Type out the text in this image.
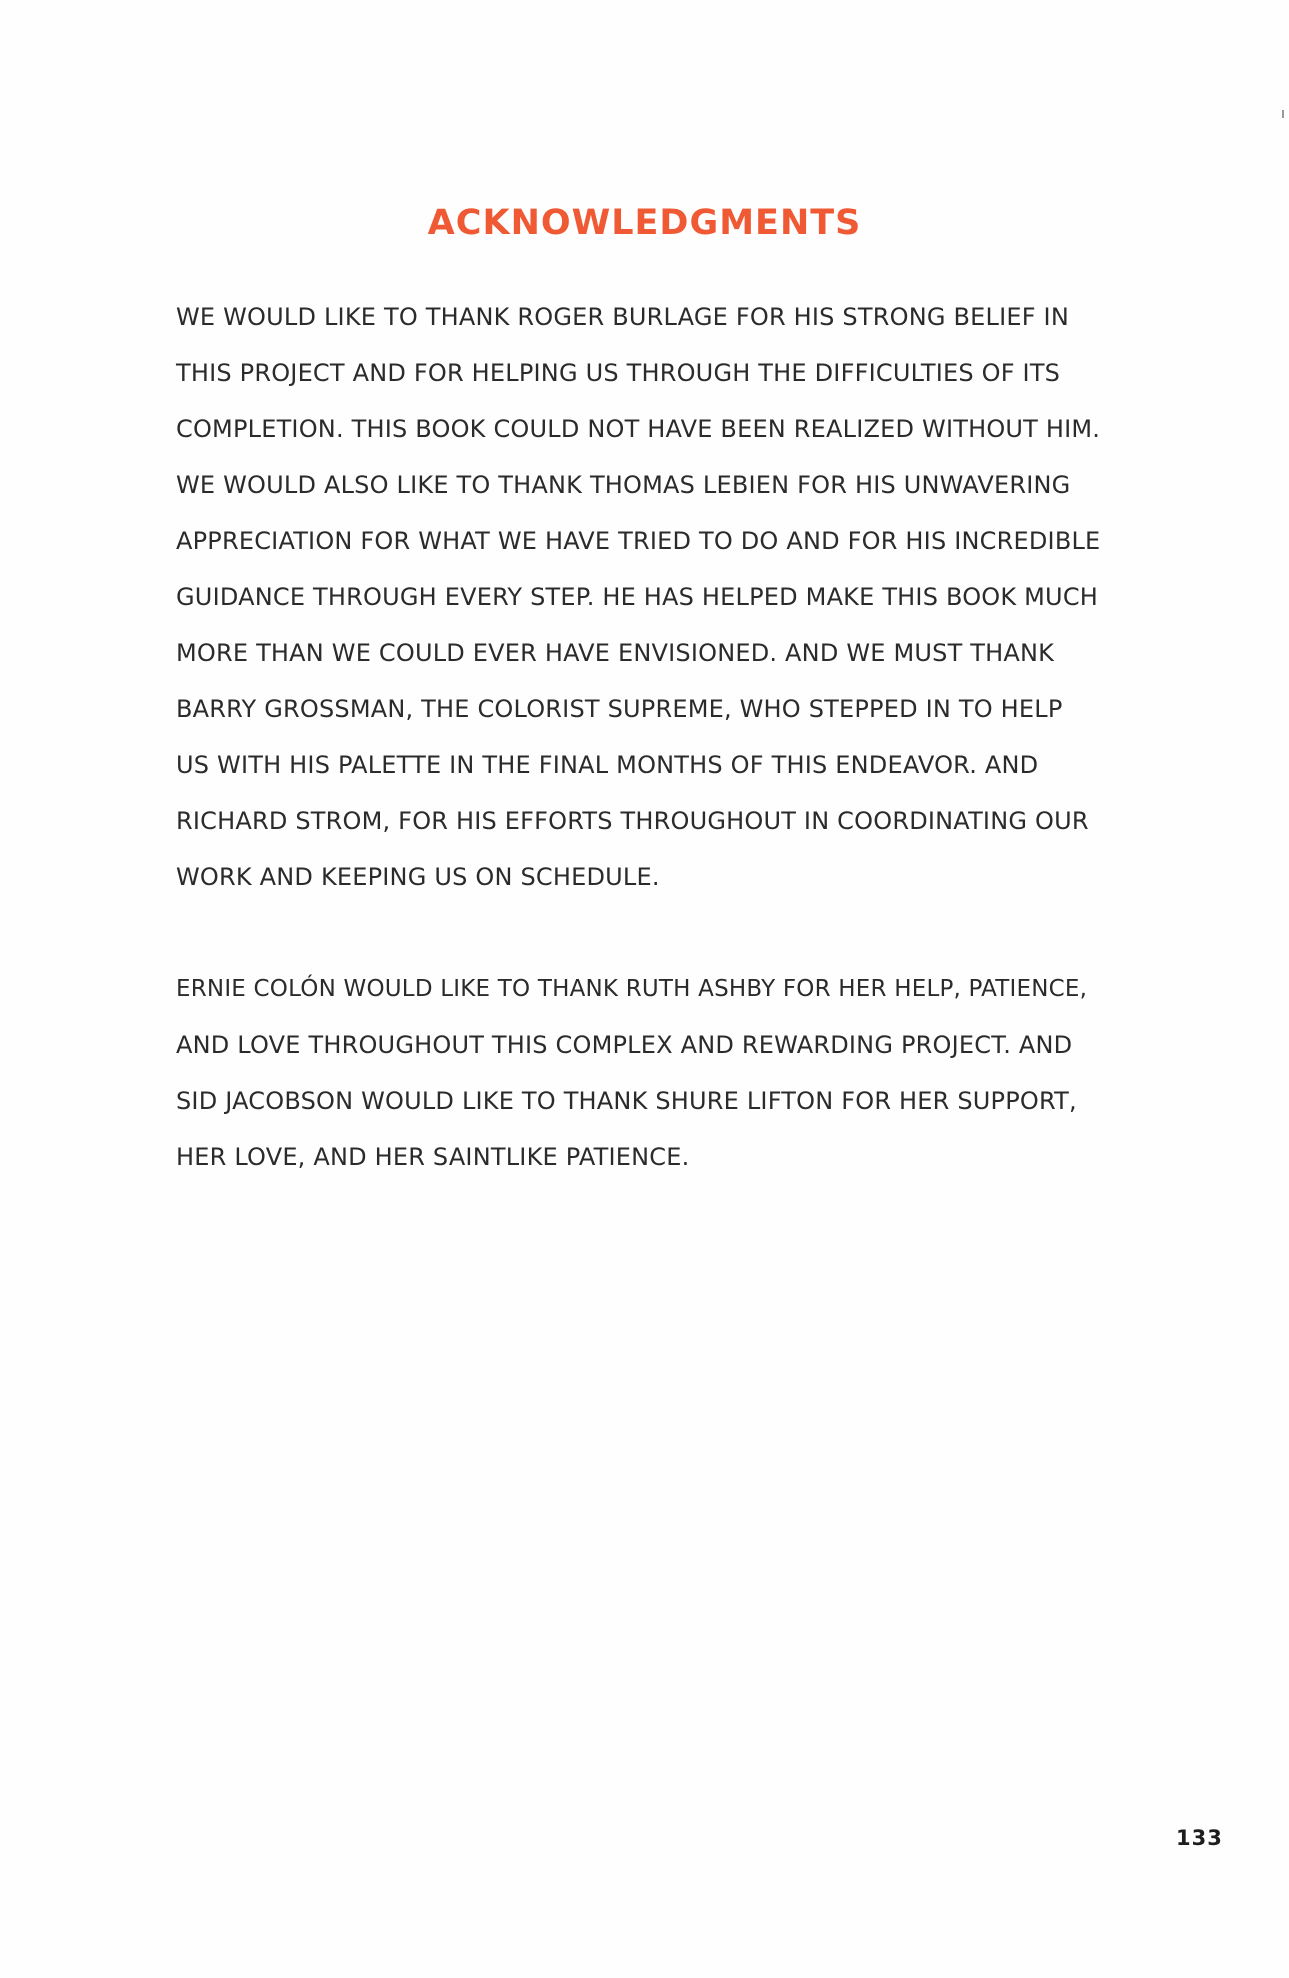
ACKNOWLEDGMENTS
WE WOULD LIKE TO THANK ROGER BURLAGE FOR HIS STRONG BELIEF IN
THIS PROJECT AND FOR HELPING US THROUGH THE DIFFICULTIES OF ITS
COMPLETION. THIS BOOK COULD NOT HAVE BEEN REALIZED WITHOUT HIM.
WE WOULD ALSO LIKE TO THANK THOMAS LEBIEN FOR HIS UNWAVERING
APPRECIATION FOR WHAT WE HAVE TRIED TO DO AND FOR HIS INCREDIBLE
GUIDANCE THROUGH EVERY STEP. HE HAS HELPED MAKE THIS BOOK MUCH
MORE THAN WE COULD EVER HAVE ENVISIONED. AND WE MUST THANK
BARRY GROSSMAN, THE COLORIST SUPREME, WHO STEPPED IN TO HELP
US WITH HIS PALETTE IN THE FINAL MONTHS OF THIS ENDEAVOR. AND
RICHARD STROM, FOR HIS EFFORTS THROUGHOUT IN COORDINATING OUR
WORK AND KEEPING US ON SCHEDULE.
ERNIE COLÓN WOULD LIKE TO THANK RUTH ASHBY FOR HER HELP, PATIENCE,
AND LOVE THROUGHOUT THIS COMPLEX AND REWARDING PROJECT. AND
SID JACOBSON WOULD LIKE TO THANK SHURE LIFTON FOR HER SUPPORT,
HER LOVE, AND HER SAINTLIKE PATIENCE.
133
